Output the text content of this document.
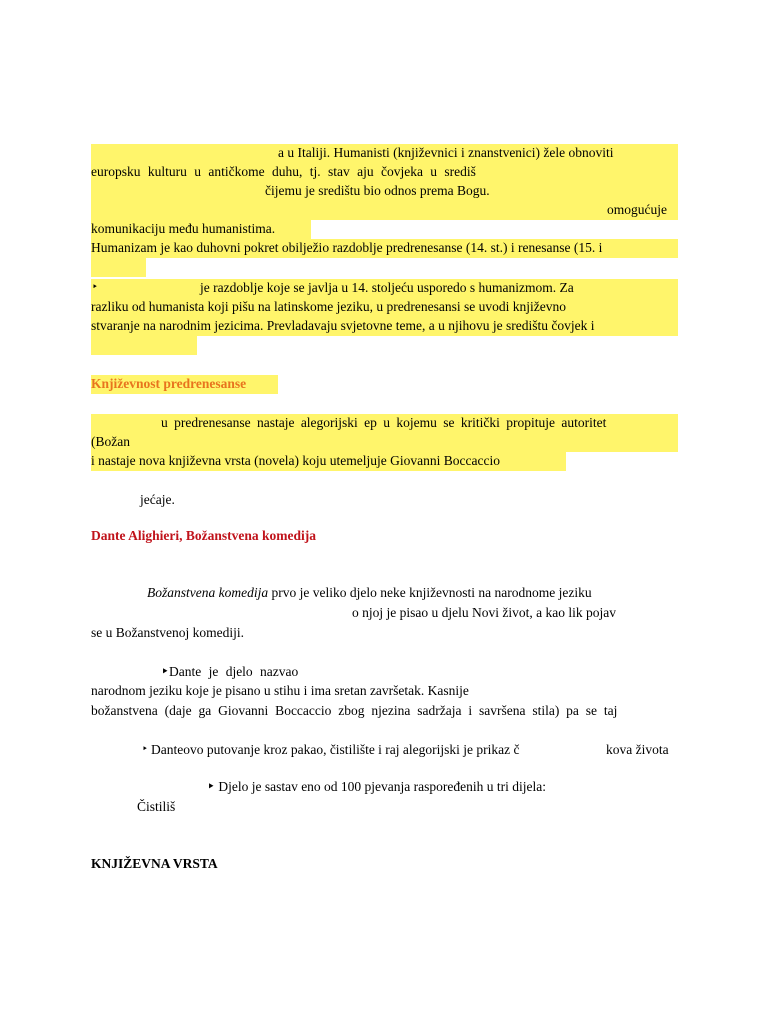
a u Italiji. Humanisti (književnici i znanstvenici) žele obnoviti
europsku kulturu u antičkome duhu, tj. stav aju čovjeka u središ
čijemu je središtu bio odnos prema Bogu.
omogućuje
komunikaciju među humanistima.
Humanizam je kao duhovni pokret obilježio razdoblje predrenesanse (14. st.) i renesanse (15. i
‣	je razdoblje koje se javlja u 14. stoljeću usporedo s humanizmom. Za
razliku od humanista koji pišu na latinskome jeziku, u predrenesansi se uvodi književno
stvaranje na narodnim jezicima. Prevladavaju svjetovne teme, a u njihovu je središtu čovjek i
Književnost predrenesanse
u predrenesanse nastaje alegorijski ep u kojemu se kritički propituje autoritet
(Božan
i nastaje nova književna vrsta (novela) koju utemeljuje Giovanni Boccaccio
jećaje.
Dante Alighieri, Božanstvena komedija
Božanstvena komedija prvo je veliko djelo neke književnosti na narodnome jeziku
o njoj je pisao u djelu Novi život, a kao lik pojav
se u Božanstvenoj komediji.
‣Dante je djelo nazvao
narodnom jeziku koje je pisano u stihu i ima sretan završetak. Kasnije
božanstvena (daje ga Giovanni Boccaccio zbog njezina sadržaja i savršena stila) pa se taj
‣ Danteovo putovanje kroz pakao, čistilište i raj alegorijski je prikaz č	kova života
‣ Djelo je sastav eno od 100 pjevanja raspoređenih u tri dijela:
Čistiliš
KNJIŽEVNA VRSTA
